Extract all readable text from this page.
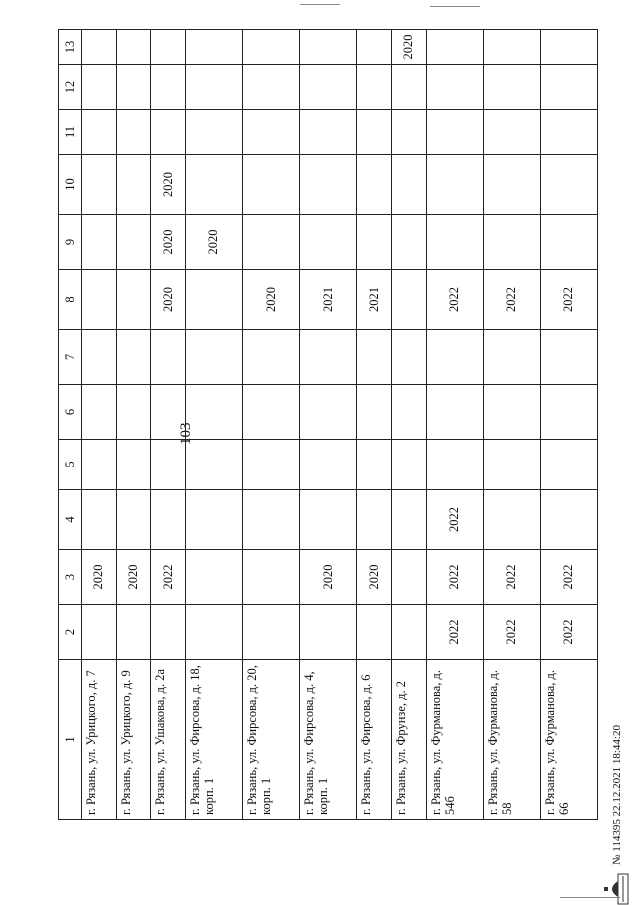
103
1	2	3	4	5	6	7	8	9	10	11	12	13
г. Рязань, ул. Урицкого, д. 7		2020										
г. Рязань, ул. Урицкого, д. 9		2020										
г. Рязань, ул. Ушакова, д. 2а		2022					2020	2020	2020			
г. Рязань, ул. Фирсова, д. 18, корп. 1								2020				
г. Рязань, ул. Фирсова, д. 20, корп. 1							2020					
г. Рязань, ул. Фирсова, д. 4, корп. 1		2020					2021					
г. Рязань, ул. Фирсова, д. 6		2020					2021					
г. Рязань, ул. Фрунзе, д. 2												2020
г. Рязань, ул. Фурманова, д. 54б	2022	2022	2022				2022					
г. Рязань, ул. Фурманова, д. 58	2022	2022					2022					
г. Рязань, ул. Фурманова, д. 66	2022	2022					2022					
№ 114395 22.12.2021 18:44:20
